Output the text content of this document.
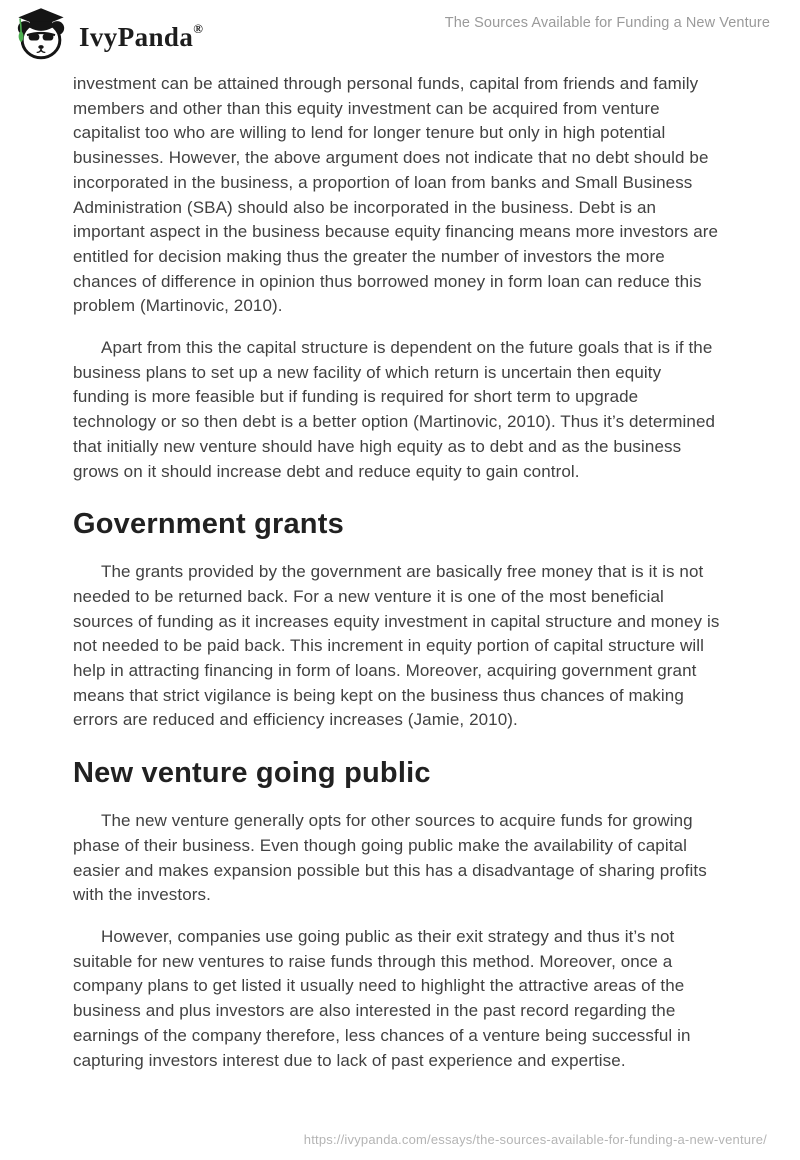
IvyPanda®	The Sources Available for Funding a New Venture

investment can be attained through personal funds, capital from friends and family members and other than this equity investment can be acquired from venture capitalist too who are willing to lend for longer tenure but only in high potential businesses. However, the above argument does not indicate that no debt should be incorporated in the business, a proportion of loan from banks and Small Business Administration (SBA) should also be incorporated in the business. Debt is an important aspect in the business because equity financing means more investors are entitled for decision making thus the greater the number of investors the more chances of difference in opinion thus borrowed money in form loan can reduce this problem (Martinovic, 2010).

Apart from this the capital structure is dependent on the future goals that is if the business plans to set up a new facility of which return is uncertain then equity funding is more feasible but if funding is required for short term to upgrade technology or so then debt is a better option (Martinovic, 2010). Thus it’s determined that initially new venture should have high equity as to debt and as the business grows on it should increase debt and reduce equity to gain control.

Government grants

The grants provided by the government are basically free money that is it is not needed to be returned back. For a new venture it is one of the most beneficial sources of funding as it increases equity investment in capital structure and money is not needed to be paid back. This increment in equity portion of capital structure will help in attracting financing in form of loans. Moreover, acquiring government grant means that strict vigilance is being kept on the business thus chances of making errors are reduced and efficiency increases (Jamie, 2010).

New venture going public

The new venture generally opts for other sources to acquire funds for growing phase of their business. Even though going public make the availability of capital easier and makes expansion possible but this has a disadvantage of sharing profits with the investors.

However, companies use going public as their exit strategy and thus it’s not suitable for new ventures to raise funds through this method. Moreover, once a company plans to get listed it usually need to highlight the attractive areas of the business and plus investors are also interested in the past record regarding the earnings of the company therefore, less chances of a venture being successful in capturing investors interest due to lack of past experience and expertise.

https://ivypanda.com/essays/the-sources-available-for-funding-a-new-venture/
